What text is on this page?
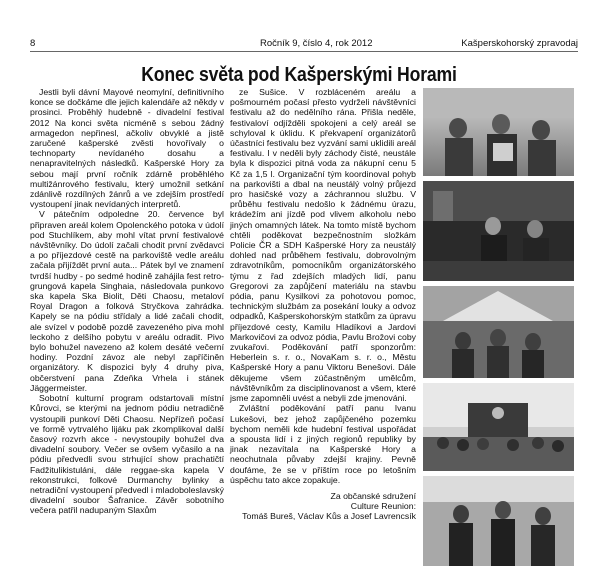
8	Ročník 9, číslo 4, rok 2012	Kašperskohorský zpravodaj
Konec světa pod Kašperskými Horami

Jestli byli dávní Mayové neomylní, definitivního konce se dočkáme dle jejich kalendáře až někdy v prosinci. Proběhlý hudebně - divadelní festival 2012 Na konci světa nicméně s sebou žádný armagedon nepřinesl, ačkoliv obvyklé a jistě zaručené kašperské zvěsti hovořívaly o technoparty nevídaného dosahu a nenapravitelných následků. Kašperské Hory za sebou mají první ročník zdárně proběhlého multižánrového festivalu, který umožnil setkání zdánlivě rozdílných žánrů a ve zdejším prostředí vystoupení jinak nevídaných interpretů.

V pátečním odpoledne 20. července byl připraven areál kolem Opolenckého potoka v údolí pod Stuchlíkem, aby mohl vítat první festivalové návštěvníky. Do údolí začali chodit první zvědavci a po příjezdové cestě na parkoviště vedle areálu začala přijíždět první auta... Pátek byl ve znamení tvrdší hudby - po sedmé hodině zahájila fest retro-grungová kapela Singhaia, následovala punkovo ska kapela Ska Biolit, Děti Chaosu, metaloví Royal Dragon a folková Stryčkova zahrádka. Kapely se na pódiu střídaly a lidé začali chodit, ale svízel v podobě pozdě zavezeného piva mohl leckoho z delšího pobytu v areálu odradit. Pivo bylo bohužel navezeno až kolem desáté večerní hodiny. Pozdní závoz ale nebyl zapříčiněn organizátory. K dispozici byly 4 druhy piva, občerstvení pana Zdeňka Vrhela i stánek Jäggermeister.

Sobotní kulturní program odstartovali místní Kůrovci, se kterými na jednom pódiu netradičně vystoupili punkoví Děti Chaosu. Nepřízeň počasí ve formě vytrvalého lijáku pak zkomplikoval další časový rozvrh akce - nevystoupily bohužel dva divadelní soubory. Večer se ovšem vyčasilo a na pódiu předvedli svou strhující show prachatičtí Fadžitulikistuláni, dále reggae-ska kapela V rekonstrukci, folkové Durmanchy bylinky a netradiční vystoupení předvedl i mladoboleslavský divadelní soubor Šafranice. Závěr sobotního večera patřil nadupaným Slaxům

ze Sušice. V rozbláceném areálu a pošmourném počasí přesto vydrželi návštěvníci festivalu až do nedělního rána. Přišla neděle, festivaloví odjížděli spokojeni a celý areál se schyloval k úklidu. K překvapení organizátorů účastníci festivalu bez vyzvání sami uklidili areál festivalu. I v neděli byly záchody čisté, neustále byla k dispozici pitná voda za nákupní cenu 5 Kč za 1,5 l. Organizační tým koordinoval pohyb na parkovišti a dbal na neustálý volný průjezd pro hasičské vozy a záchrannou službu. V průběhu festivalu nedošlo k žádnému úrazu, krádežím ani jízdě pod vlivem alkoholu nebo jiných omamných látek. Na tomto místě bychom chtěli poděkovat bezpečnostním složkám Policie ČR a SDH Kašperské Hory za neustálý dohled nad průběhem festivalu, dobrovolným zdravotníkům, pomocníkům organizátorského týmu z řad zdejších mladých lidí, panu Gregorovi za zapůjčení materiálu na stavbu pódia, panu Kysilkovi za pohotovou pomoc, technickým službám za posekání louky a odvoz odpadků, Kašperskohorským statkům za úpravu příjezdové cesty, Kamilu Hladíkovi a Jardovi Markovičovi za odvoz pódia, Pavlu Brožovi coby zvukařovi. Poděkování patří sponzorům: Heberlein s. r. o., NovaKam s. r. o., Městu Kašperské Hory a panu Viktoru Benešovi. Dále děkujeme všem zúčastněným umělcům, návštěvníkům za disciplinovanost a všem, které jsme zapomněli uvést a nebyli zde jmenováni.

Zvláštní poděkování patří panu Ivanu Lukešovi, bez jehož zapůjčeného pozemku bychom neměli kde hudební festival uspořádat a spousta lidí i z jiných regionů republiky by jinak nezavítala na Kašperské Hory a neochutnala půvaby zdejší krajiny. Pevně doufáme, že se v příštím roce po letošním úspěchu tato akce zopakuje.

Za občanské sdružení

Culture Reunion:

Tomáš Bureš, Václav Kůs a Josef Lavrencsík
